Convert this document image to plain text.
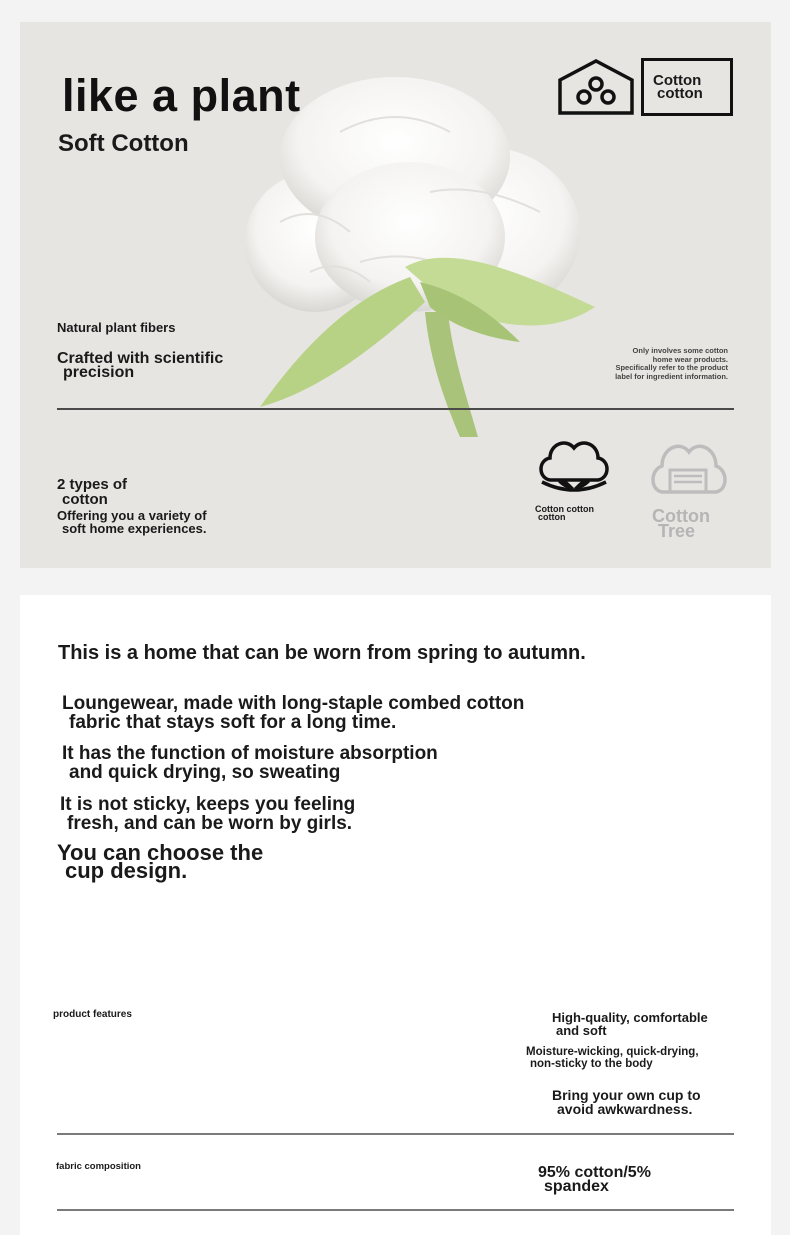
like a plant
Soft Cotton
Cotton
cotton
Natural plant fibers
Crafted with scientific
precision
Only involves some cotton
home wear products.
Specifically refer to the product
label for ingredient information.
2 types of
cotton
Offering you a variety of
soft home experiences.
Cotton cotton
cotton	Cotton
Tree
This is a home that can be worn from spring to autumn.
Loungewear, made with long-staple combed cotton
fabric that stays soft for a long time.
It has the function of moisture absorption
and quick drying, so sweating
It is not sticky, keeps you feeling
fresh, and can be worn by girls.
You can choose the
cup design.
product features	High-quality, comfortable
and soft
Moisture-wicking, quick-drying,
non-sticky to the body
Bring your own cup to
avoid awkwardness.
fabric composition	95% cotton/5%
spandex
